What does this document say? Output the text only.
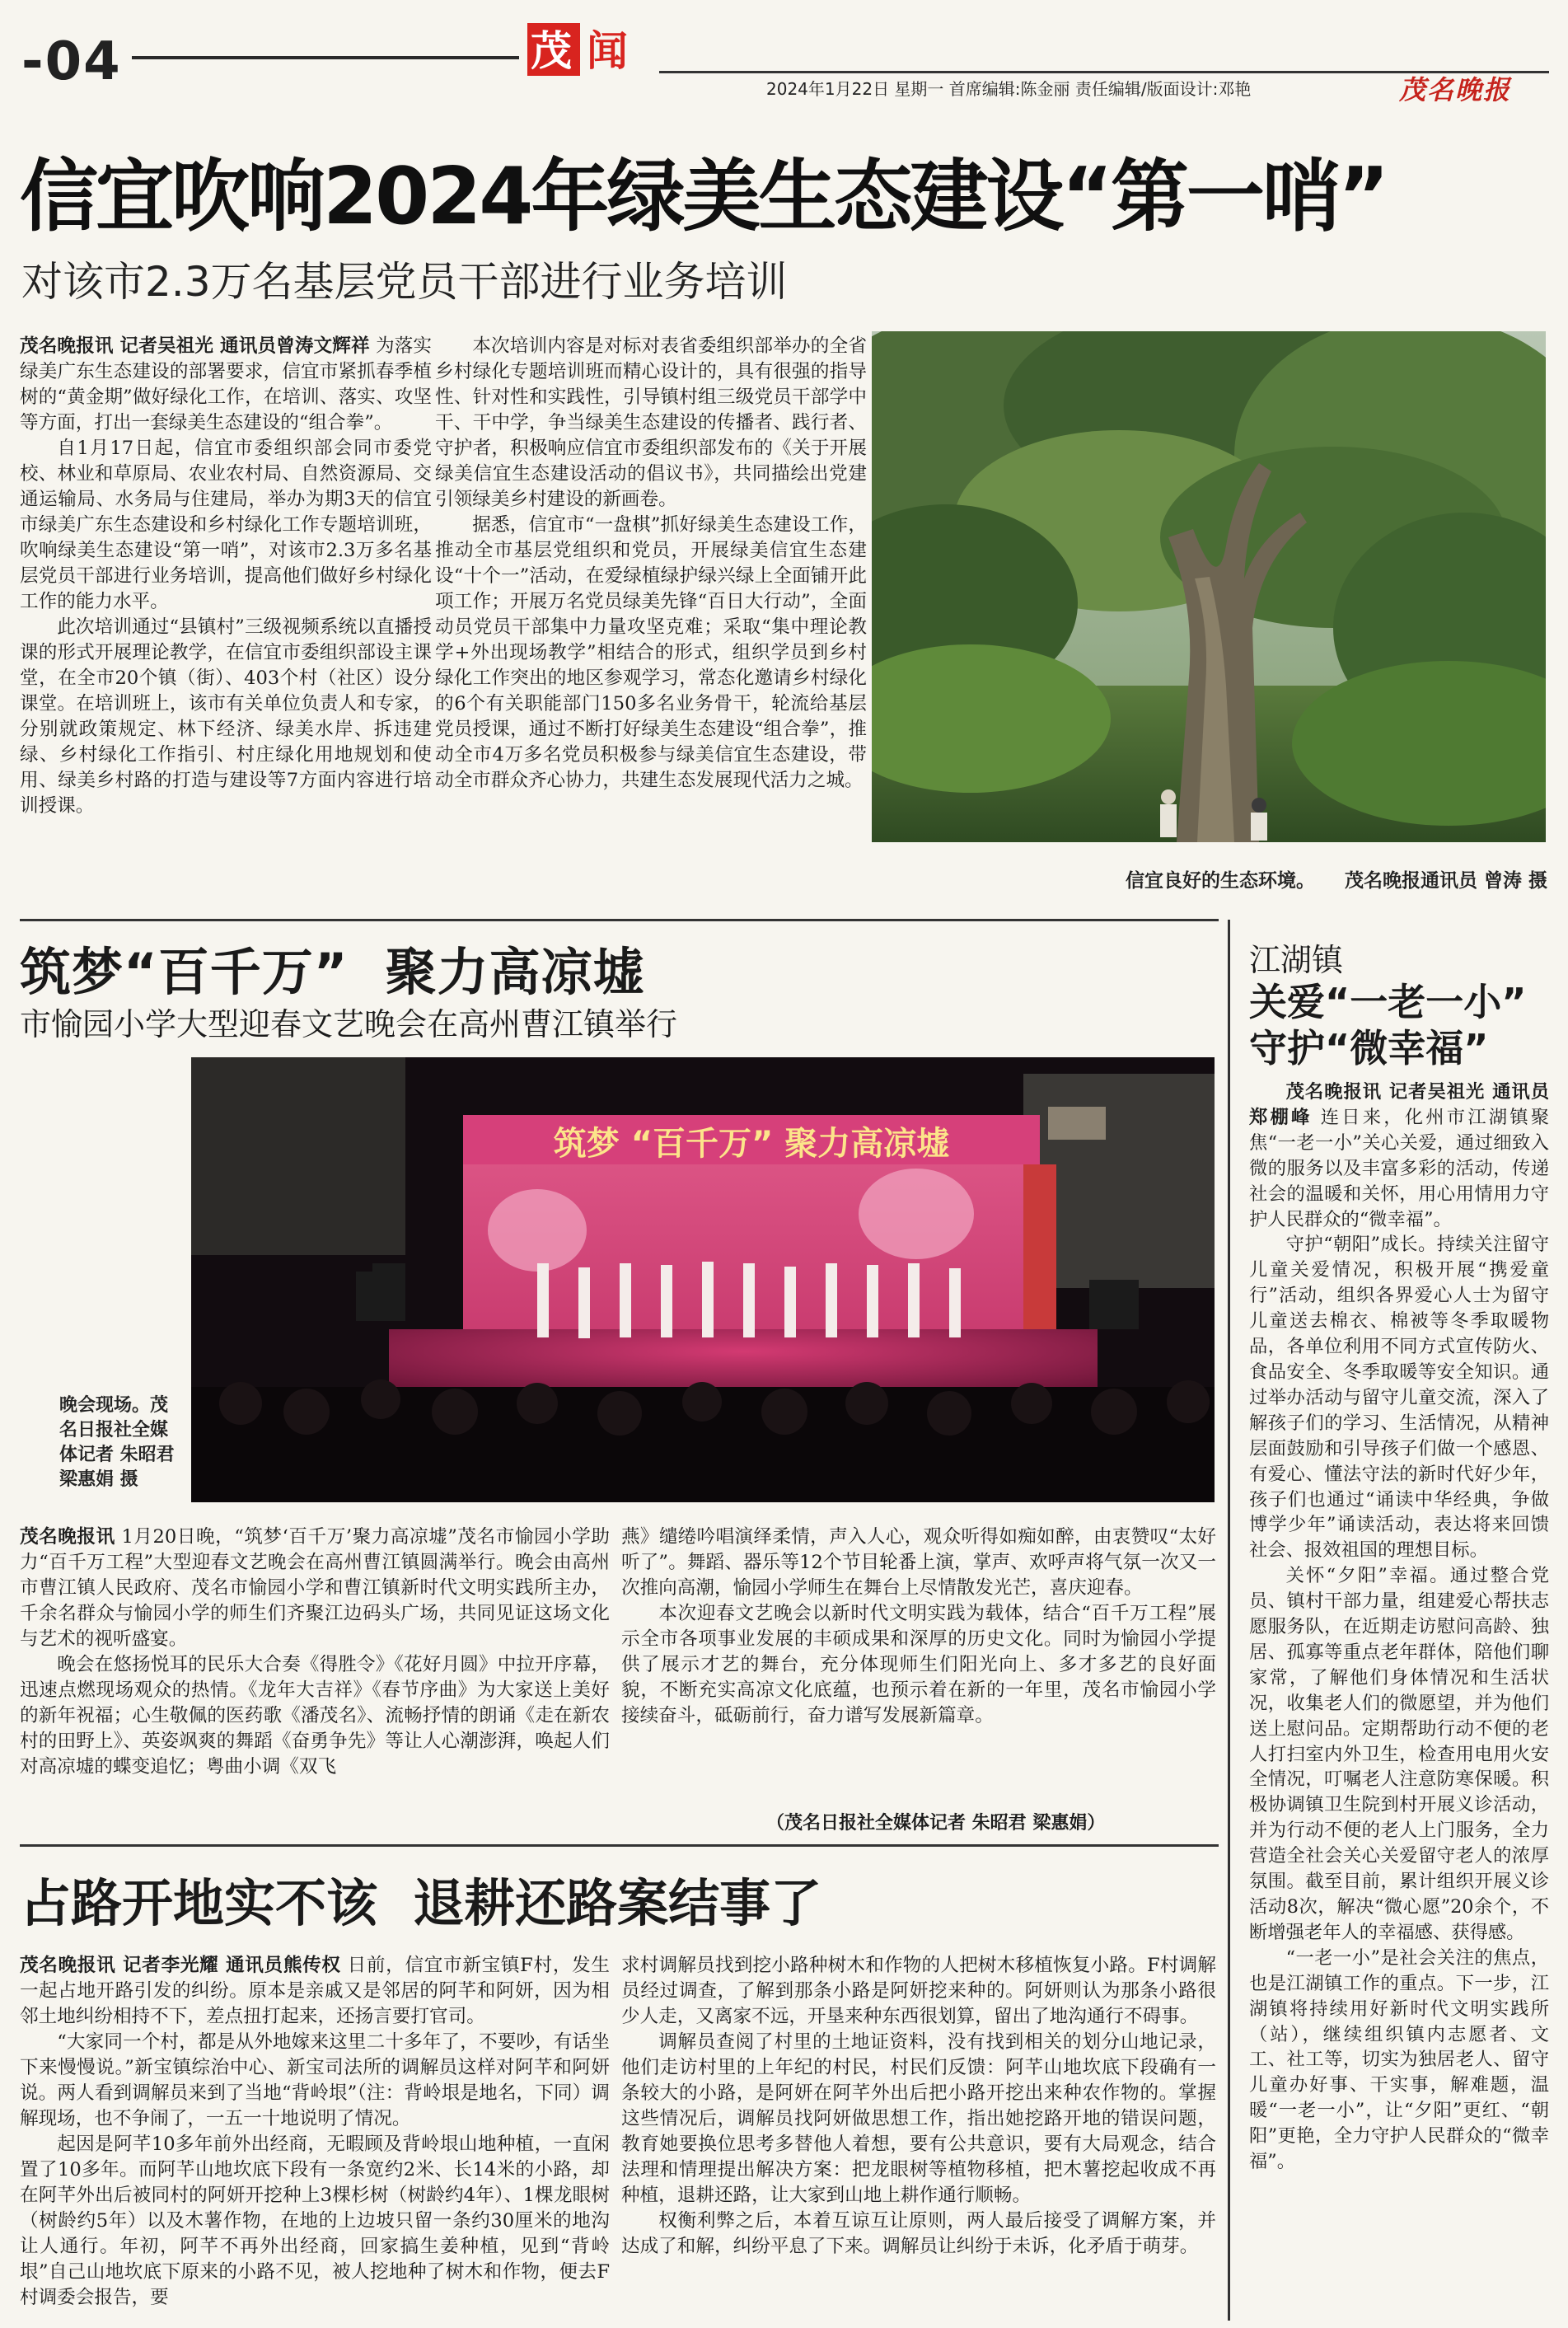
-04	茂 闻
2024年1月22日 星期一 首席编辑:陈金丽 责任编辑/版面设计:邓艳	茂名晚报
信宜吹响2024年绿美生态建设“第一哨”
对该市2.3万名基层党员干部进行业务培训

茂名晚报讯 记者吴祖光 通讯员曾涛文辉祥 为落实绿美广东生态建设的部署要求，信宜市紧抓春季植树的“黄金期”做好绿化工作，在培训、落实、攻坚等方面，打出一套绿美生态建设的“组合拳”。

自1月17日起，信宜市委组织部会同市委党校、林业和草原局、农业农村局、自然资源局、交通运输局、水务局与住建局，举办为期3天的信宜市绿美广东生态建设和乡村绿化工作专题培训班，吹响绿美生态建设“第一哨”，对该市2.3万多名基层党员干部进行业务培训，提高他们做好乡村绿化工作的能力水平。

此次培训通过“县镇村”三级视频系统以直播授课的形式开展理论教学，在信宜市委组织部设主课堂，在全市20个镇（街）、403个村（社区）设分课堂。在培训班上，该市有关单位负责人和专家，分别就政策规定、林下经济、绿美水岸、拆违建绿、乡村绿化工作指引、村庄绿化用地规划和使用、绿美乡村路的打造与建设等7方面内容进行培训授课。

本次培训内容是对标对表省委组织部举办的全省乡村绿化专题培训班而精心设计的，具有很强的指导性、针对性和实践性，引导镇村组三级党员干部学中干、干中学，争当绿美生态建设的传播者、践行者、守护者，积极响应信宜市委组织部发布的《关于开展绿美信宜生态建设活动的倡议书》，共同描绘出党建引领绿美乡村建设的新画卷。

据悉，信宜市“一盘棋”抓好绿美生态建设工作，推动全市基层党组织和党员，开展绿美信宜生态建设“十个一”活动，在爱绿植绿护绿兴绿上全面铺开此项工作；开展万名党员绿美先锋“百日大行动”，全面动员党员干部集中力量攻坚克难；采取“集中理论教学+外出现场教学”相结合的形式，组织学员到乡村绿化工作突出的地区参观学习，常态化邀请乡村绿化的6个有关职能部门150多名业务骨干，轮流给基层党员授课，通过不断打好绿美生态建设“组合拳”，推动全市4万多名党员积极参与绿美信宜生态建设，带动全市群众齐心协力，共建生态发展现代活力之城。

信宜良好的生态环境。 茂名晚报通讯员 曾涛 摄
筑梦“百千万”  聚力高凉墟
市愉园小学大型迎春文艺晚会在高州曹江镇举行
筑梦 “百千万” 聚力高凉墟
晚会现场。茂名日报社全媒体记者 朱昭君 梁惠娟 摄

茂名晚报讯 1月20日晚，“筑梦‘百千万’聚力高凉墟”茂名市愉园小学助力“百千万工程”大型迎春文艺晚会在高州曹江镇圆满举行。晚会由高州市曹江镇人民政府、茂名市愉园小学和曹江镇新时代文明实践所主办，千余名群众与愉园小学的师生们齐聚江边码头广场，共同见证这场文化与艺术的视听盛宴。

晚会在悠扬悦耳的民乐大合奏《得胜令》《花好月圆》中拉开序幕，迅速点燃现场观众的热情。《龙年大吉祥》《春节序曲》为大家送上美好的新年祝福；心生敬佩的医药歌《潘茂名》、流畅抒情的朗诵《走在新农村的田野上》、英姿飒爽的舞蹈《奋勇争先》等让人心潮澎湃，唤起人们对高凉墟的蝶变追忆；粤曲小调《双飞

燕》缱绻吟唱演绎柔情，声入人心，观众听得如痴如醉，由衷赞叹“太好听了”。舞蹈、器乐等12个节目轮番上演，掌声、欢呼声将气氛一次又一次推向高潮，愉园小学师生在舞台上尽情散发光芒，喜庆迎春。

本次迎春文艺晚会以新时代文明实践为载体，结合“百千万工程”展示全市各项事业发展的丰硕成果和深厚的历史文化。同时为愉园小学提供了展示才艺的舞台，充分体现师生们阳光向上、多才多艺的良好面貌，不断充实高凉文化底蕴，也预示着在新的一年里，茂名市愉园小学接续奋斗，砥砺前行，奋力谱写发展新篇章。

（茂名日报社全媒体记者 朱昭君 梁惠娟）
占路开地实不该  退耕还路案结事了

茂名晚报讯 记者李光耀 通讯员熊传权 日前，信宜市新宝镇F村，发生一起占地开路引发的纠纷。原本是亲戚又是邻居的阿芊和阿妍，因为相邻土地纠纷相持不下，差点扭打起来，还扬言要打官司。

“大家同一个村，都是从外地嫁来这里二十多年了，不要吵，有话坐下来慢慢说。”新宝镇综治中心、新宝司法所的调解员这样对阿芊和阿妍说。两人看到调解员来到了当地“背岭垠”（注：背岭垠是地名，下同）调解现场，也不争闹了，一五一十地说明了情况。

起因是阿芊10多年前外出经商，无暇顾及背岭垠山地种植，一直闲置了10多年。而阿芊山地坎底下段有一条宽约2米、长14米的小路，却在阿芊外出后被同村的阿妍开挖种上3棵杉树（树龄约4年）、1棵龙眼树（树龄约5年）以及木薯作物，在地的上边坡只留一条约30厘米的地沟让人通行。年初，阿芊不再外出经商，回家搞生姜种植，见到“背岭垠”自己山地坎底下原来的小路不见，被人挖地种了树木和作物，便去F村调委会报告，要

求村调解员找到挖小路种树木和作物的人把树木移植恢复小路。F村调解员经过调查，了解到那条小路是阿妍挖来种的。阿妍则认为那条小路很少人走，又离家不远，开垦来种东西很划算，留出了地沟通行不碍事。

调解员查阅了村里的土地证资料，没有找到相关的划分山地记录，他们走访村里的上年纪的村民，村民们反馈：阿芊山地坎底下段确有一条较大的小路，是阿妍在阿芊外出后把小路开挖出来种农作物的。掌握这些情况后，调解员找阿妍做思想工作，指出她挖路开地的错误问题，教育她要换位思考多替他人着想，要有公共意识，要有大局观念，结合法理和情理提出解决方案：把龙眼树等植物移植，把木薯挖起收成不再种植，退耕还路，让大家到山地上耕作通行顺畅。

权衡利弊之后，本着互谅互让原则，两人最后接受了调解方案，并达成了和解，纠纷平息了下来。调解员让纠纷于未诉，化矛盾于萌芽。

江湖镇
关爱“一老一小”
守护“微幸福”

茂名晚报讯 记者吴祖光 通讯员郑棚峰 连日来，化州市江湖镇聚焦“一老一小”关心关爱，通过细致入微的服务以及丰富多彩的活动，传递社会的温暖和关怀，用心用情用力守护人民群众的“微幸福”。

守护“朝阳”成长。持续关注留守儿童关爱情况，积极开展“携爱童行”活动，组织各界爱心人士为留守儿童送去棉衣、棉被等冬季取暖物品，各单位利用不同方式宣传防火、食品安全、冬季取暖等安全知识。通过举办活动与留守儿童交流，深入了解孩子们的学习、生活情况，从精神层面鼓励和引导孩子们做一个感恩、有爱心、懂法守法的新时代好少年，孩子们也通过“诵读中华经典，争做博学少年”诵读活动，表达将来回馈社会、报效祖国的理想目标。

关怀“夕阳”幸福。通过整合党员、镇村干部力量，组建爱心帮扶志愿服务队，在近期走访慰问高龄、独居、孤寡等重点老年群体，陪他们聊家常，了解他们身体情况和生活状况，收集老人们的微愿望，并为他们送上慰问品。定期帮助行动不便的老人打扫室内外卫生，检查用电用火安全情况，叮嘱老人注意防寒保暖。积极协调镇卫生院到村开展义诊活动，并为行动不便的老人上门服务，全力营造全社会关心关爱留守老人的浓厚氛围。截至目前，累计组织开展义诊活动8次，解决“微心愿”20余个，不断增强老年人的幸福感、获得感。

“一老一小”是社会关注的焦点，也是江湖镇工作的重点。下一步，江湖镇将持续用好新时代文明实践所（站），继续组织镇内志愿者、文工、社工等，切实为独居老人、留守儿童办好事、干实事，解难题，温暖“一老一小”，让“夕阳”更红、“朝阳”更艳，全力守护人民群众的“微幸福”。
